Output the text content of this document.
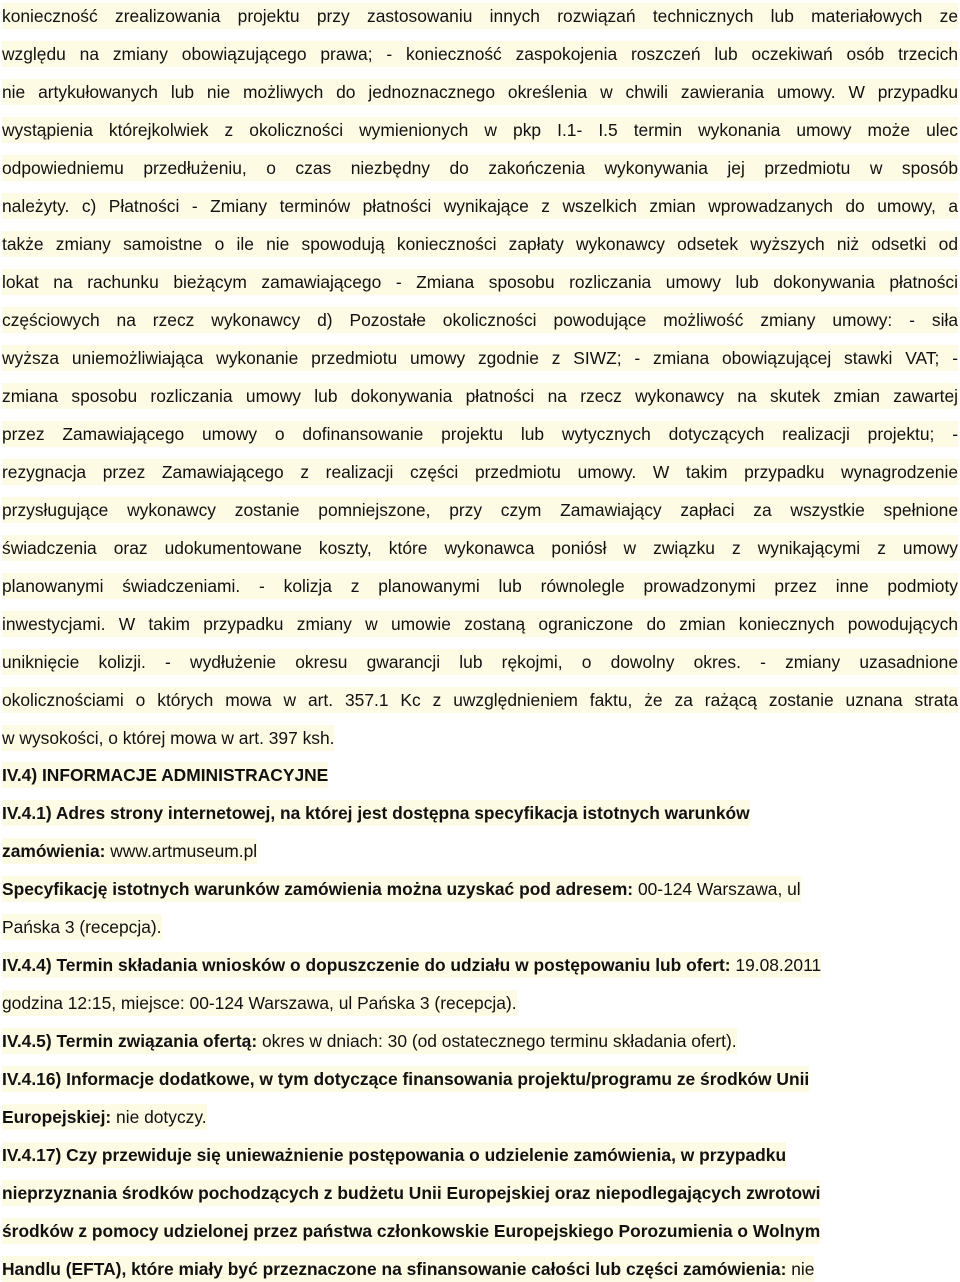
konieczność zrealizowania projektu przy zastosowaniu innych rozwiązań technicznych lub materiałowych ze
względu na zmiany obowiązującego prawa; - konieczność zaspokojenia roszczeń lub oczekiwań osób trzecich
nie artykułowanych lub nie możliwych do jednoznacznego określenia w chwili zawierania umowy. W przypadku
wystąpienia którejkolwiek z okoliczności wymienionych w pkp I.1- I.5 termin wykonania umowy może ulec
odpowiedniemu przedłużeniu, o czas niezbędny do zakończenia wykonywania jej przedmiotu w sposób
należyty. c) Płatności - Zmiany terminów płatności wynikające z wszelkich zmian wprowadzanych do umowy, a
także zmiany samoistne o ile nie spowodują konieczności zapłaty wykonawcy odsetek wyższych niż odsetki od
lokat na rachunku bieżącym zamawiającego - Zmiana sposobu rozliczania umowy lub dokonywania płatności
częściowych na rzecz wykonawcy d) Pozostałe okoliczności powodujące możliwość zmiany umowy: - siła
wyższa uniemożliwiająca wykonanie przedmiotu umowy zgodnie z SIWZ; - zmiana obowiązującej stawki VAT; -
zmiana sposobu rozliczania umowy lub dokonywania płatności na rzecz wykonawcy na skutek zmian zawartej
przez Zamawiającego umowy o dofinansowanie projektu lub wytycznych dotyczących realizacji projektu; -
rezygnacja przez Zamawiającego z realizacji części przedmiotu umowy. W takim przypadku wynagrodzenie
przysługujące wykonawcy zostanie pomniejszone, przy czym Zamawiający zapłaci za wszystkie spełnione
świadczenia oraz udokumentowane koszty, które wykonawca poniósł w związku z wynikającymi z umowy
planowanymi świadczeniami. - kolizja z planowanymi lub równolegle prowadzonymi przez inne podmioty
inwestycjami. W takim przypadku zmiany w umowie zostaną ograniczone do zmian koniecznych powodujących
uniknięcie kolizji. - wydłużenie okresu gwarancji lub rękojmi, o dowolny okres. - zmiany uzasadnione
okolicznościami o których mowa w art. 357.1 Kc z uwzględnieniem faktu, że za rażącą zostanie uznana strata
w wysokości, o której mowa w art. 397 ksh.
IV.4) INFORMACJE ADMINISTRACYJNE
IV.4.1) Adres strony internetowej, na której jest dostępna specyfikacja istotnych warunków
zamówienia: www.artmuseum.pl
Specyfikację istotnych warunków zamówienia można uzyskać pod adresem: 00-124 Warszawa, ul
Pańska 3 (recepcja).
IV.4.4) Termin składania wniosków o dopuszczenie do udziału w postępowaniu lub ofert: 19.08.2011
godzina 12:15, miejsce: 00-124 Warszawa, ul Pańska 3 (recepcja).
IV.4.5) Termin związania ofertą: okres w dniach: 30 (od ostatecznego terminu składania ofert).
IV.4.16) Informacje dodatkowe, w tym dotyczące finansowania projektu/programu ze środków Unii
Europejskiej: nie dotyczy.
IV.4.17) Czy przewiduje się unieważnienie postępowania o udzielenie zamówienia, w przypadku
nieprzyznania środków pochodzących z budżetu Unii Europejskiej oraz niepodlegających zwrotowi
środków z pomocy udzielonej przez państwa członkowskie Europejskiego Porozumienia o Wolnym
Handlu (EFTA), które miały być przeznaczone na sfinansowanie całości lub części zamówienia: nie
